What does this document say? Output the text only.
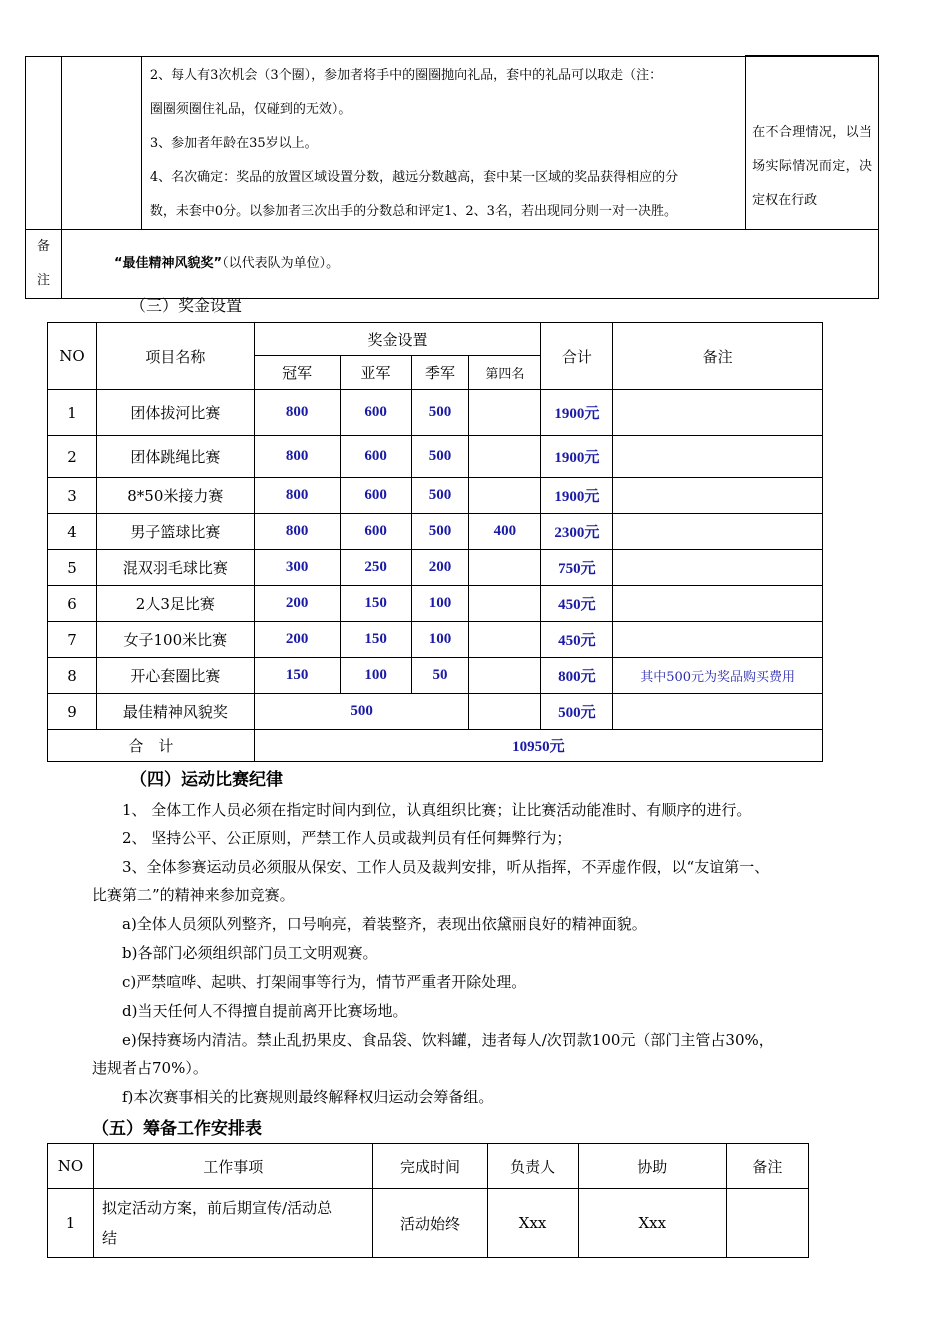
		2、每人有3次机会（3个圈），参加者将手中的圈圈抛向礼品，套中的礼品可以取走（注：
圈圈须圈住礼品，仅碰到的无效）。
3、参加者年龄在35岁以上。
4、名次确定：奖品的放置区域设置分数，越远分数越高，套中某一区域的奖品获得相应的分
数，未套中0分。以参加者三次出手的分数总和评定1、2、3名，若出现同分则一对一决胜。	在不合理情况，以当场实际情况而定，决定权在行政

备
注	“最佳精神风貌奖”（以代表队为单位）。		
（三）奖金设置
NO	项目名称	奖金设置				合计	备注
		冠军	亚军	季军	第四名		
1	团体拔河比赛	800	600	500		1900元	
2	团体跳绳比赛	800	600	500		1900元	
3	8*50米接力赛	800	600	500		1900元	
4	男子篮球比赛	800	600	500	400	2300元	
5	混双羽毛球比赛	300	250	200		750元	
6	2人3足比赛	200	150	100		450元	
7	女子100米比赛	200	150	100		450元	
8	开心套圈比赛	150	100	50		800元	其中500元为奖品购买费用
9	最佳精神风貌奖	500				500元	
合　计		10950元					
（四）运动比赛纪律
1、 全体工作人员必须在指定时间内到位，认真组织比赛；让比赛活动能准时、有顺序的进行。
2、 坚持公平、公正原则，严禁工作人员或裁判员有任何舞弊行为；
3、全体参赛运动员必须服从保安、工作人员及裁判安排，听从指挥，不弄虚作假，以“友谊第一、
比赛第二”的精神来参加竞赛。
a)全体人员须队列整齐，口号响亮，着装整齐，表现出依黛丽良好的精神面貌。
b)各部门必须组织部门员工文明观赛。
c)严禁喧哗、起哄、打架闹事等行为，情节严重者开除处理。
d)当天任何人不得擅自提前离开比赛场地。
e)保持赛场内清洁。禁止乱扔果皮、食品袋、饮料罐，违者每人/次罚款100元（部门主管占30%，
违规者占70%）。
f)本次赛事相关的比赛规则最终解释权归运动会筹备组。
（五）筹备工作安排表
NO	工作事项	完成时间	负责人	协助	备注
1	拟定活动方案，前后期宣传/活动总
结	活动始终	Xxx	Xxx	
